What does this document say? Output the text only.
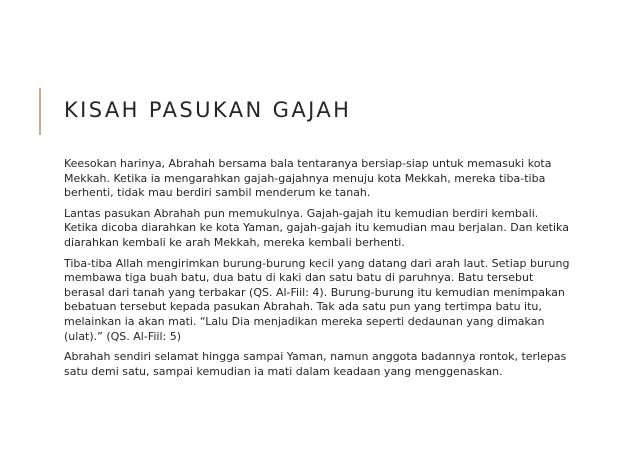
KISAH PASUKAN GAJAH

Keesokan harinya, Abrahah bersama bala tentaranya bersiap-siap untuk memasuki kota Mekkah. Ketika ia mengarahkan gajah-gajahnya menuju kota Mekkah, mereka tiba-tiba berhenti, tidak mau berdiri sambil menderum ke tanah.

Lantas pasukan Abrahah pun memukulnya. Gajah-gajah itu kemudian berdiri kembali. Ketika dicoba diarahkan ke kota Yaman, gajah-gajah itu kemudian mau berjalan. Dan ketika diarahkan kembali ke arah Mekkah, mereka kembali berhenti.

Tiba-tiba Allah mengirimkan burung-burung kecil yang datang dari arah laut. Setiap burung membawa tiga buah batu, dua batu di kaki dan satu batu di paruhnya. Batu tersebut berasal dari tanah yang terbakar (QS. Al-Fiil: 4). Burung-burung itu kemudian menimpakan bebatuan tersebut kepada pasukan Abrahah. Tak ada satu pun yang tertimpa batu itu, melainkan ia akan mati. “Lalu Dia menjadikan mereka seperti dedaunan yang dimakan (ulat).” (QS. Al-Fiil: 5)

Abrahah sendiri selamat hingga sampai Yaman, namun anggota badannya rontok, terlepas satu demi satu, sampai kemudian ia mati dalam keadaan yang menggenaskan.
